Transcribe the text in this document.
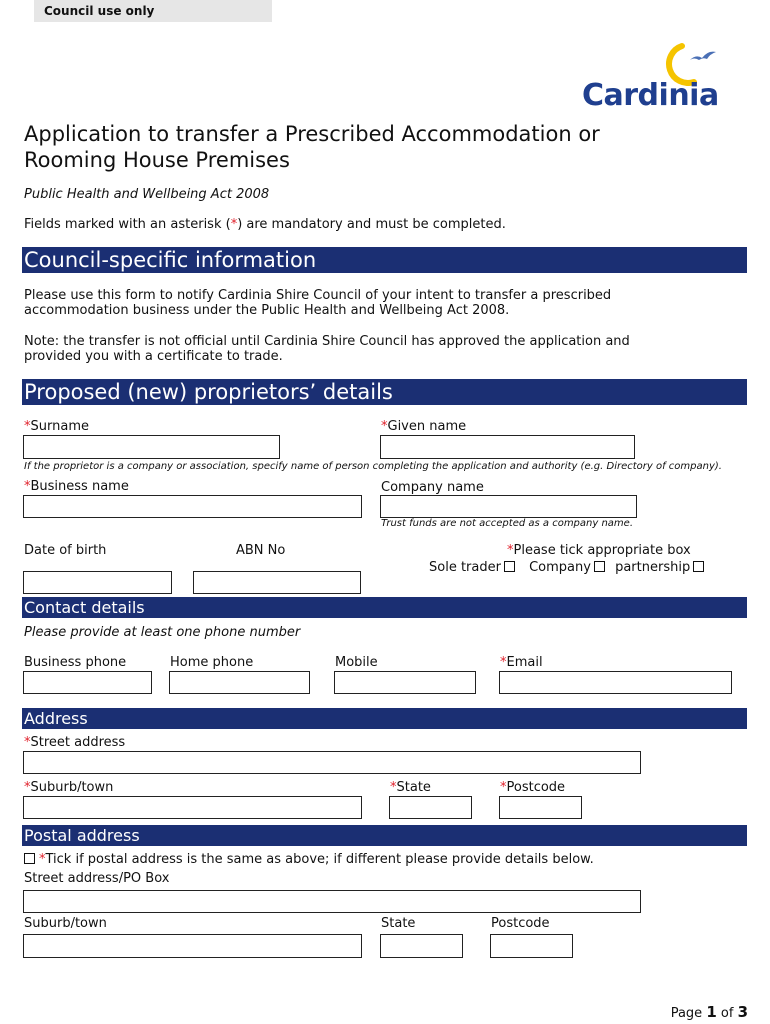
Council use only
Cardinia
Application to transfer a Prescribed Accommodation or
Rooming House Premises
Public Health and Wellbeing Act 2008
Fields marked with an asterisk (*) are mandatory and must be completed.
Council-specific information
Please use this form to notify Cardinia Shire Council of your intent to transfer a prescribed
accommodation business under the Public Health and Wellbeing Act 2008.
Note: the transfer is not official until Cardinia Shire Council has approved the application and
provided you with a certificate to trade.
Proposed (new) proprietors’ details
*Surname	*Given name
If the proprietor is a company or association, specify name of person completing the application and authority (e.g. Directory of company).
*Business name	Company name
Trust funds are not accepted as a company name.
Date of birth	ABN No	*Please tick appropriate box
Sole trader Company partnership
Contact details
Please provide at least one phone number
Business phone	Home phone	Mobile	*Email
Address
*Street address
*Suburb/town	*State	*Postcode
Postal address
*Tick if postal address is the same as above; if different please provide details below.
Street address/PO Box
Suburb/town	State	Postcode
Page 1 of 3
